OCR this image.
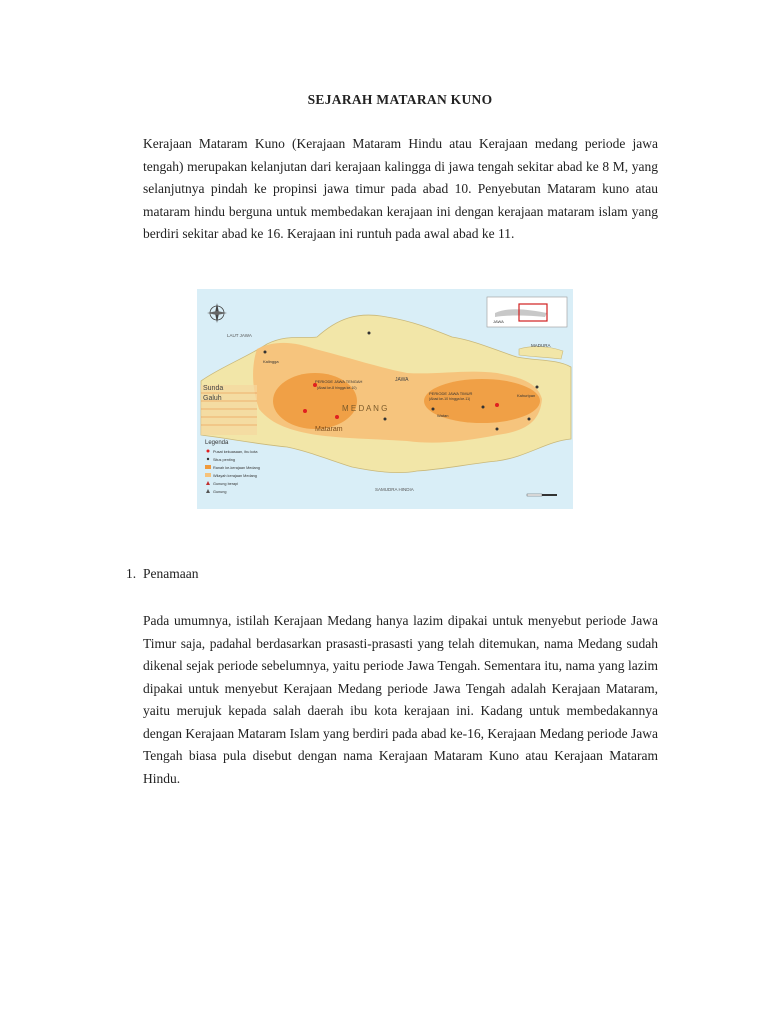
SEJARAH MATARAN KUNO

Kerajaan Mataram Kuno (Kerajaan Mataram Hindu atau Kerajaan medang periode jawa tengah) merupakan kelanjutan dari kerajaan kalingga di jawa tengah sekitar abad ke 8 M, yang selanjutnya pindah ke propinsi jawa timur pada abad 10. Penyebutan Mataram kuno atau mataram hindu berguna untuk membedakan kerajaan ini dengan kerajaan mataram islam yang berdiri sekitar abad ke 16. Kerajaan ini runtuh pada awal abad ke 11.

JAWA
LAUT JAWA
Sunda
Galuh
Kalingga
PERIODE JAWA TENGAH
(Abad ke-8 hingga ke-10)
JAWA
M E D A N G
Mataram
PERIODE JAWA TIMUR
(Abad ke-10 hingga ke-11)
MADURA
Kahuripan
Watan
SAMUDRA HINDIA
Legenda
Pusat kekuasaan, ibu kota
Situs penting
Ranah ke-kerajaan Medang
Wilayah kerajaan Medang
Gunung berapi
Gunung
1. Penamaan

Pada umumnya, istilah Kerajaan Medang hanya lazim dipakai untuk menyebut periode Jawa Timur saja, padahal berdasarkan prasasti-prasasti yang telah ditemukan, nama Medang sudah dikenal sejak periode sebelumnya, yaitu periode Jawa Tengah. Sementara itu, nama yang lazim dipakai untuk menyebut Kerajaan Medang periode Jawa Tengah adalah Kerajaan Mataram, yaitu merujuk kepada salah daerah ibu kota kerajaan ini. Kadang untuk membedakannya dengan Kerajaan Mataram Islam yang berdiri pada abad ke-16, Kerajaan Medang periode Jawa Tengah biasa pula disebut dengan nama Kerajaan Mataram Kuno atau Kerajaan Mataram Hindu.
